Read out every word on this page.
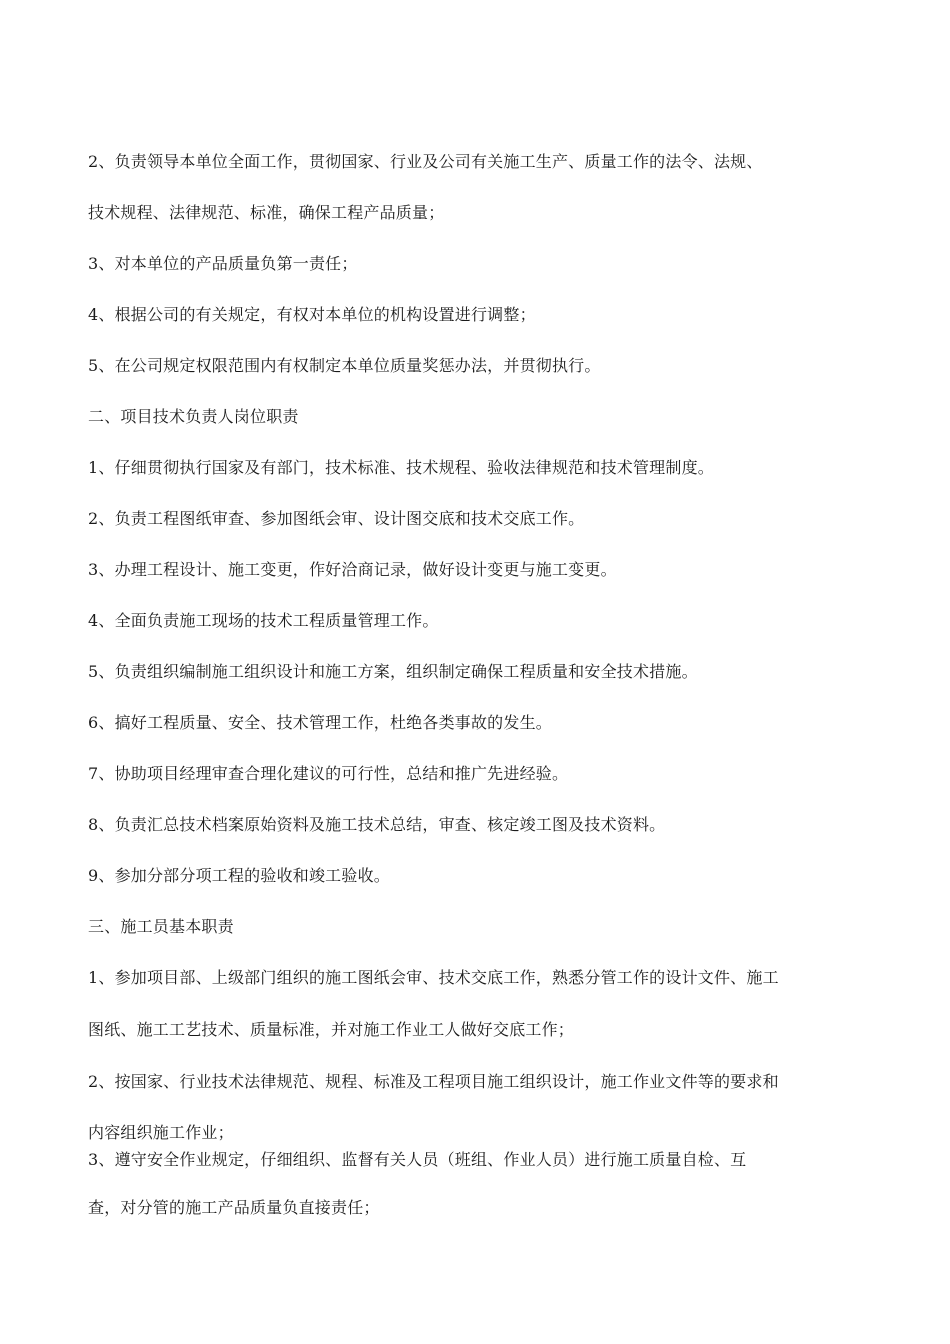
2、负责领导本单位全面工作，贯彻国家、行业及公司有关施工生产、质量工作的法令、法规、
技术规程、法律规范、标准，确保工程产品质量；
3、对本单位的产品质量负第一责任；
4、根据公司的有关规定，有权对本单位的机构设置进行调整；
5、在公司规定权限范围内有权制定本单位质量奖惩办法，并贯彻执行。
二、项目技术负责人岗位职责
1、仔细贯彻执行国家及有部门，技术标准、技术规程、验收法律规范和技术管理制度。
2、负责工程图纸审查、参加图纸会审、设计图交底和技术交底工作。
3、办理工程设计、施工变更，作好洽商记录，做好设计变更与施工变更。
4、全面负责施工现场的技术工程质量管理工作。
5、负责组织编制施工组织设计和施工方案，组织制定确保工程质量和安全技术措施。
6、搞好工程质量、安全、技术管理工作，杜绝各类事故的发生。
7、协助项目经理审查合理化建议的可行性，总结和推广先进经验。
8、负责汇总技术档案原始资料及施工技术总结，审查、核定竣工图及技术资料。
9、参加分部分项工程的验收和竣工验收。
三、施工员基本职责
1、参加项目部、上级部门组织的施工图纸会审、技术交底工作，熟悉分管工作的设计文件、施工
图纸、施工工艺技术、质量标准，并对施工作业工人做好交底工作；
2、按国家、行业技术法律规范、规程、标准及工程项目施工组织设计，施工作业文件等的要求和
内容组织施工作业；
3、遵守安全作业规定，仔细组织、监督有关人员（班组、作业人员）进行施工质量自检、互
查，对分管的施工产品质量负直接责任；
